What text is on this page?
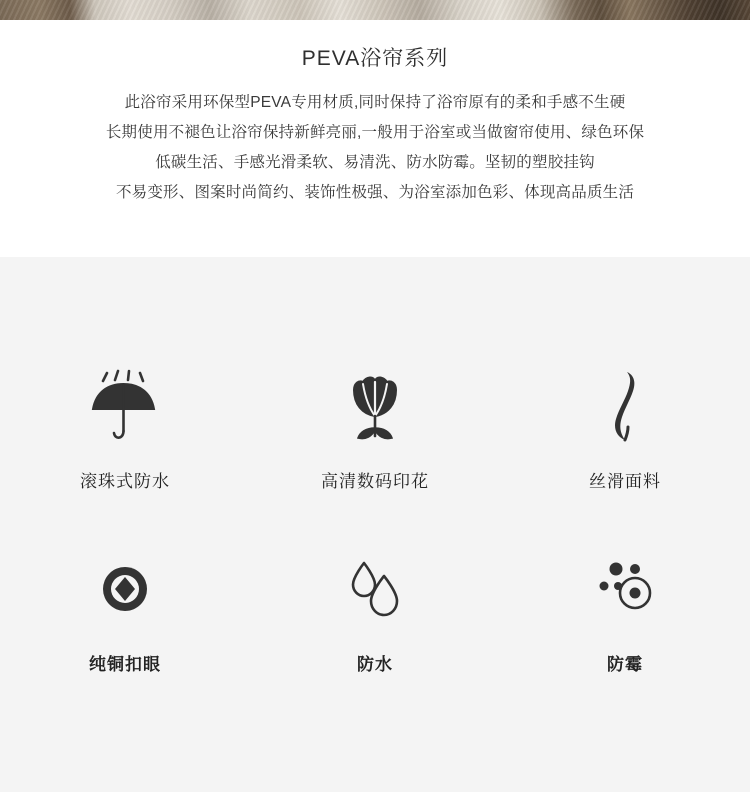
PEVA浴帘系列

此浴帘采用环保型PEVA专用材质,同时保持了浴帘原有的柔和手感不生硬

长期使用不褪色让浴帘保持新鲜亮丽,一般用于浴室或当做窗帘使用、绿色环保

低碳生活、手感光滑柔软、易清洗、防水防霉。坚韧的塑胶挂钩

不易变形、图案时尚简约、装饰性极强、为浴室添加色彩、体现高品质生活

滚珠式防水	高清数码印花	丝滑面料
纯铜扣眼	防水	防霉
